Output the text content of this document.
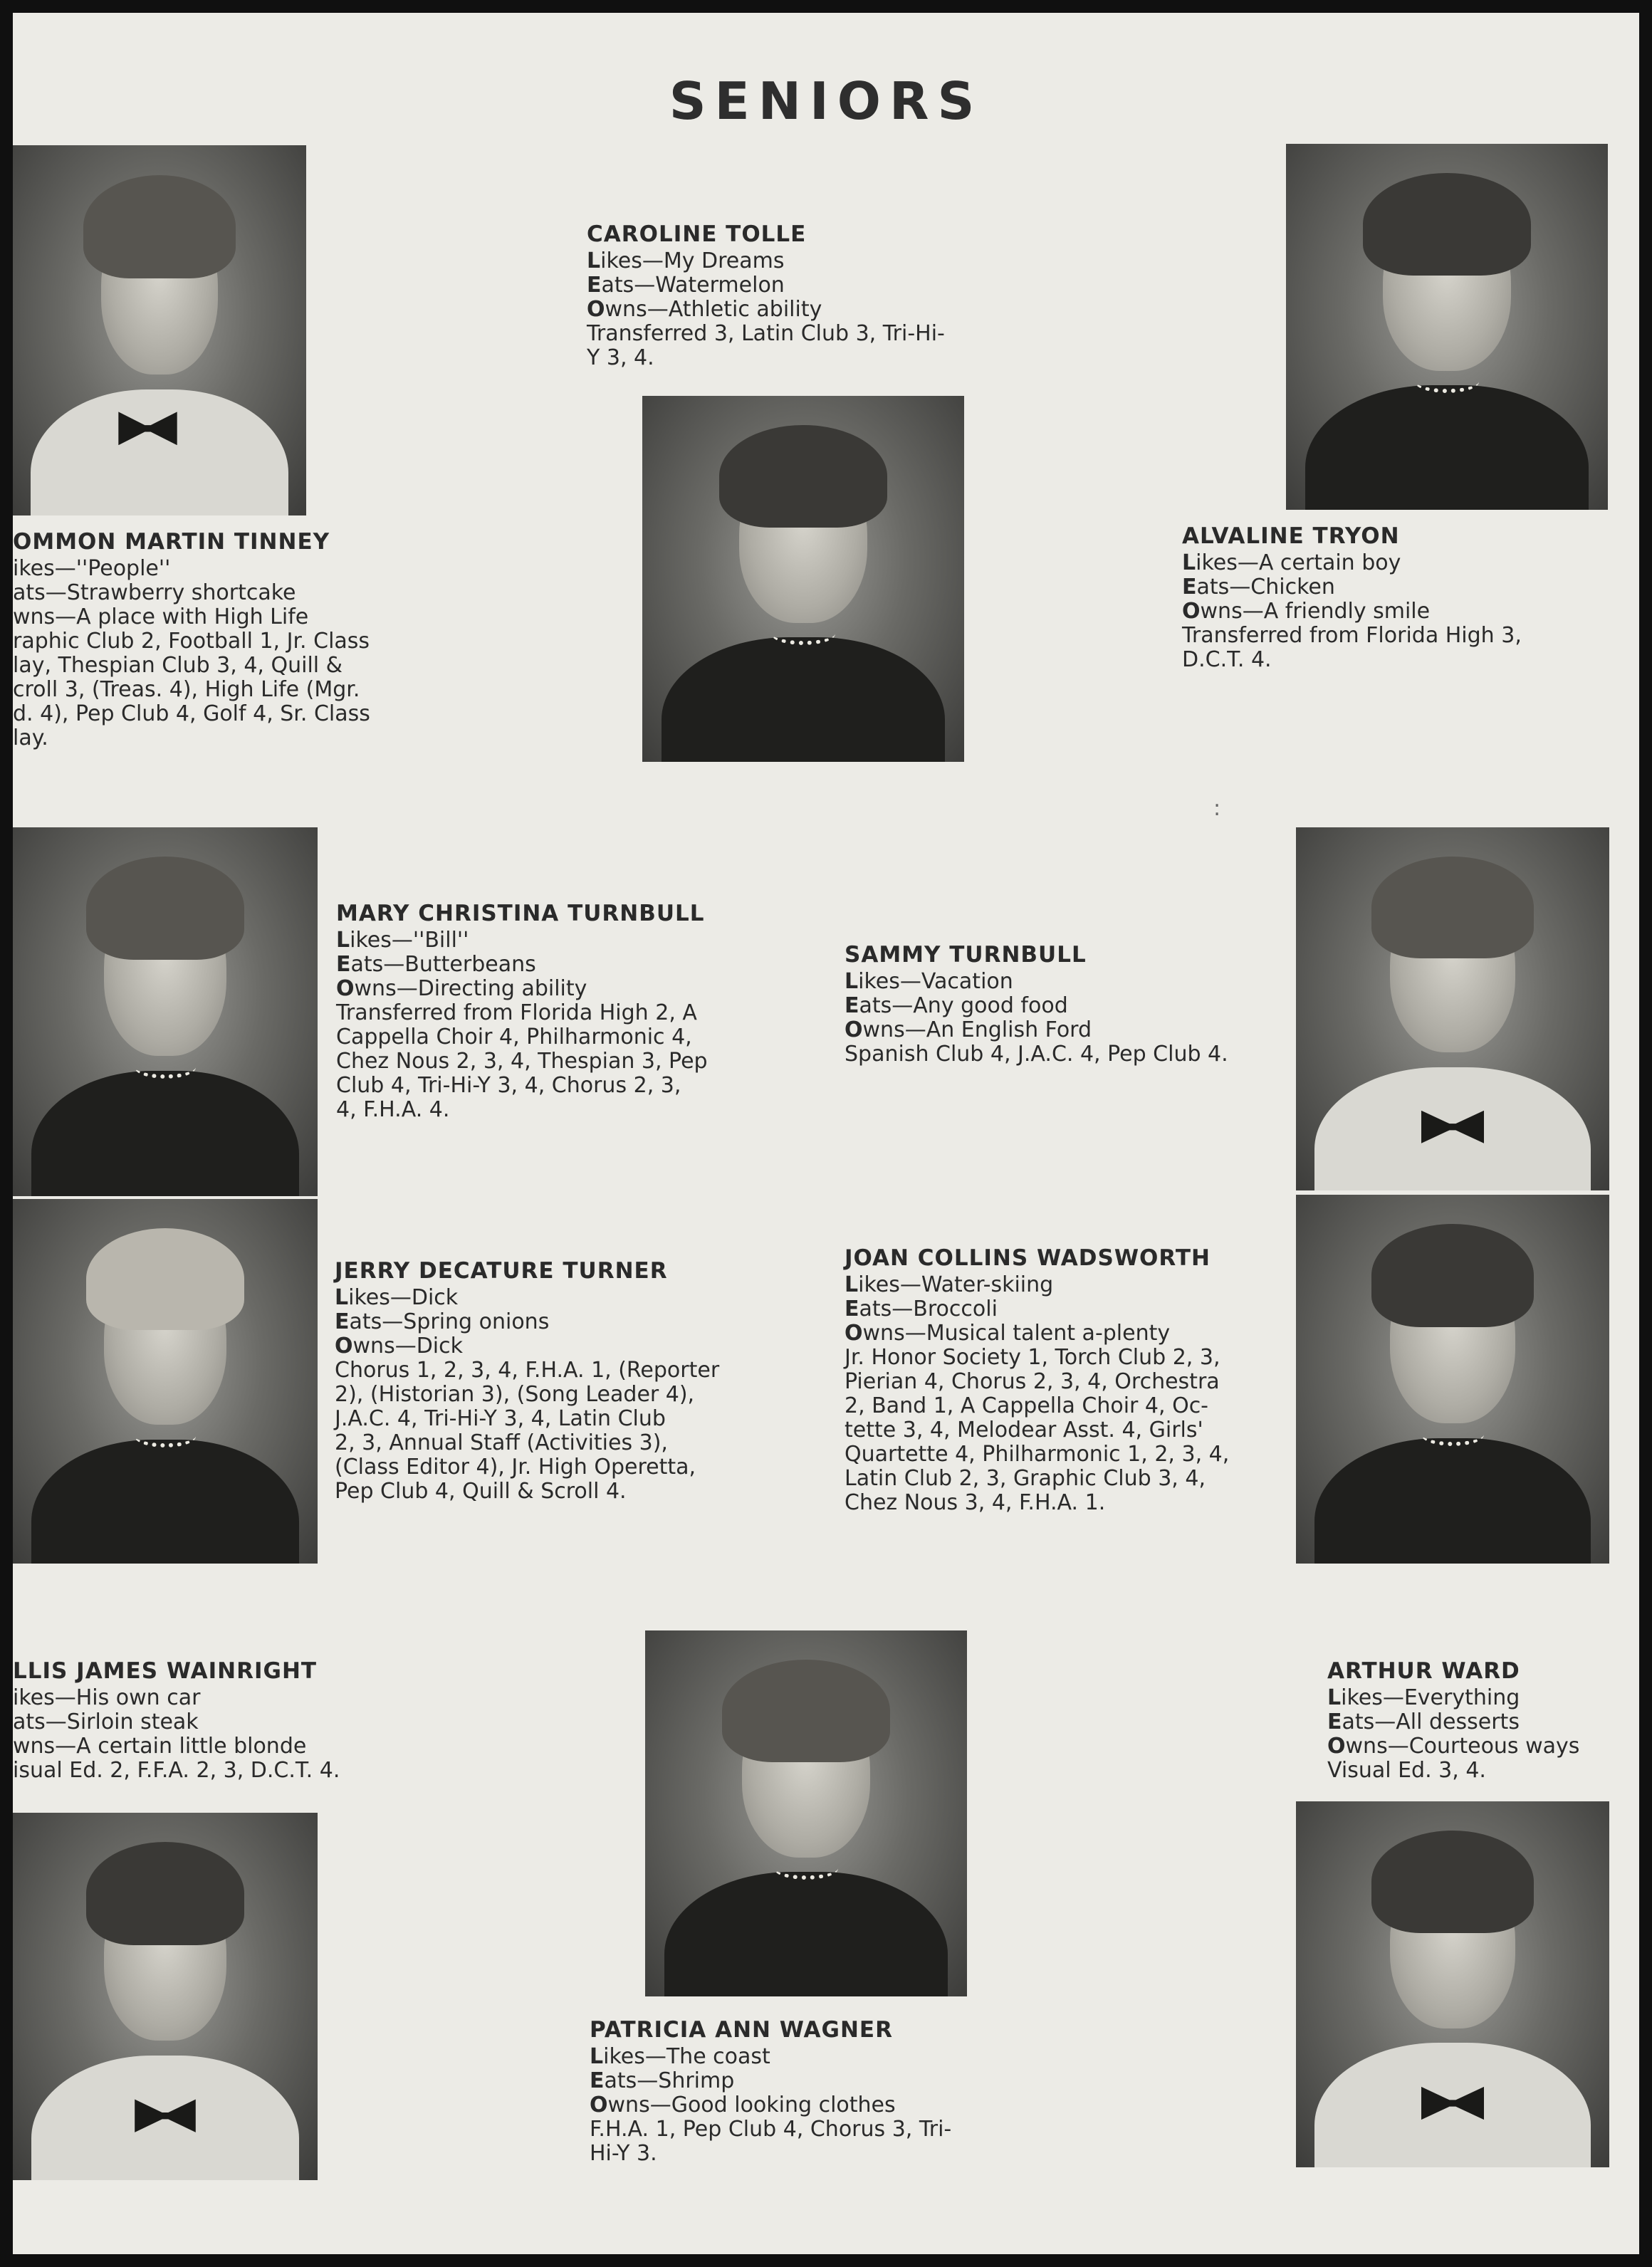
SENIORS
OMMON MARTIN TINNEY
ikes—''People''
ats—Strawberry shortcake
wns—A place with High Life
raphic Club 2, Football 1, Jr. Class
lay, Thespian Club 3, 4, Quill &
croll 3, (Treas. 4), High Life (Mgr.
d. 4), Pep Club 4, Golf 4, Sr. Class
lay.
CAROLINE TOLLE
Likes—My Dreams
Eats—Watermelon
Owns—Athletic ability
Transferred 3, Latin Club 3, Tri-Hi-
Y 3, 4.
ALVALINE TRYON
Likes—A certain boy
Eats—Chicken
Owns—A friendly smile
Transferred from Florida High 3,
D.C.T. 4.
MARY CHRISTINA TURNBULL
Likes—''Bill''
Eats—Butterbeans
Owns—Directing ability
Transferred from Florida High 2, A
Cappella Choir 4, Philharmonic 4,
Chez Nous 2, 3, 4, Thespian 3, Pep
Club 4, Tri-Hi-Y 3, 4, Chorus 2, 3,
4, F.H.A. 4.
SAMMY TURNBULL
Likes—Vacation
Eats—Any good food
Owns—An English Ford
Spanish Club 4, J.A.C. 4, Pep Club 4.
JERRY DECATURE TURNER
Likes—Dick
Eats—Spring onions
Owns—Dick
Chorus 1, 2, 3, 4, F.H.A. 1, (Reporter
2), (Historian 3), (Song Leader 4),
J.A.C. 4, Tri-Hi-Y 3, 4, Latin Club
2, 3, Annual Staff (Activities 3),
(Class Editor 4), Jr. High Operetta,
Pep Club 4, Quill & Scroll 4.
JOAN COLLINS WADSWORTH
Likes—Water-skiing
Eats—Broccoli
Owns—Musical talent a-plenty
Jr. Honor Society 1, Torch Club 2, 3,
Pierian 4, Chorus 2, 3, 4, Orchestra
2, Band 1, A Cappella Choir 4, Oc-
tette 3, 4, Melodear Asst. 4, Girls'
Quartette 4, Philharmonic 1, 2, 3, 4,
Latin Club 2, 3, Graphic Club 3, 4,
Chez Nous 3, 4, F.H.A. 1.
LLIS JAMES WAINRIGHT
ikes—His own car
ats—Sirloin steak
wns—A certain little blonde
isual Ed. 2, F.F.A. 2, 3, D.C.T. 4.
ARTHUR WARD
Likes—Everything
Eats—All desserts
Owns—Courteous ways
Visual Ed. 3, 4.
PATRICIA ANN WAGNER
Likes—The coast
Eats—Shrimp
Owns—Good looking clothes
F.H.A. 1, Pep Club 4, Chorus 3, Tri-
Hi-Y 3.
:
